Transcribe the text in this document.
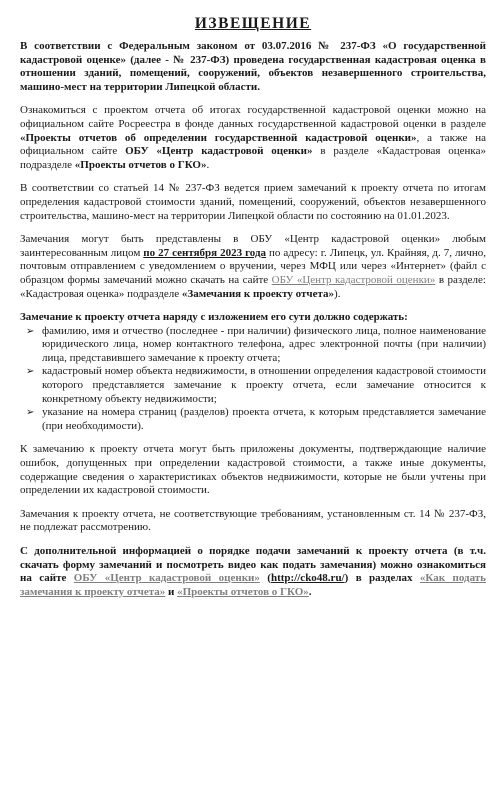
ИЗВЕЩЕНИЕ

В соответствии с Федеральным законом от 03.07.2016 № 237-ФЗ «О государственной кадастровой оценке» (далее - № 237-ФЗ) проведена государственная кадастровая оценка в отношении зданий, помещений, сооружений, объектов незавершенного строительства, машино-мест на территории Липецкой области.

Ознакомиться с проектом отчета об итогах государственной кадастровой оценки можно на официальном сайте Росреестра в фонде данных государственной кадастровой оценки в разделе «Проекты отчетов об определении государственной кадастровой оценки», а также на официальном сайте ОБУ «Центр кадастровой оценки» в разделе «Кадастровая оценка» подразделе «Проекты отчетов о ГКО».

В соответствии со статьей 14 № 237-ФЗ ведется прием замечаний к проекту отчета по итогам определения кадастровой стоимости зданий, помещений, сооружений, объектов незавершенного строительства, машино-мест на территории Липецкой области по состоянию на 01.01.2023.

Замечания могут быть представлены в ОБУ «Центр кадастровой оценки» любым заинтересованным лицом по 27 сентября 2023 года по адресу: г. Липецк, ул. Крайняя, д. 7, лично, почтовым отправлением с уведомлением о вручении, через МФЦ или через «Интернет» (файл с образцом формы замечаний можно скачать на сайте ОБУ «Центр кадастровой оценки» в разделе: «Кадастровая оценка» подразделе «Замечания к проекту отчета»).

Замечание к проекту отчета наряду с изложением его сути должно содержать:

➢ фамилию, имя и отчество (последнее - при наличии) физического лица, полное наименование юридического лица, номер контактного телефона, адрес электронной почты (при наличии) лица, представившего замечание к проекту отчета;
➢ кадастровый номер объекта недвижимости, в отношении определения кадастровой стоимости которого представляется замечание к проекту отчета, если замечание относится к конкретному объекту недвижимости;
➢ указание на номера страниц (разделов) проекта отчета, к которым представляется замечание (при необходимости).

К замечанию к проекту отчета могут быть приложены документы, подтверждающие наличие ошибок, допущенных при определении кадастровой стоимости, а также иные документы, содержащие сведения о характеристиках объектов недвижимости, которые не были учтены при определении их кадастровой стоимости.

Замечания к проекту отчета, не соответствующие требованиям, установленным ст. 14 № 237-ФЗ, не подлежат рассмотрению.

С дополнительной информацией о порядке подачи замечаний к проекту отчета (в т.ч. скачать форму замечаний и посмотреть видео как подать замечания) можно ознакомиться на сайте ОБУ «Центр кадастровой оценки» (http://cko48.ru/) в разделах «Как подать замечания к проекту отчета» и «Проекты отчетов о ГКО».
